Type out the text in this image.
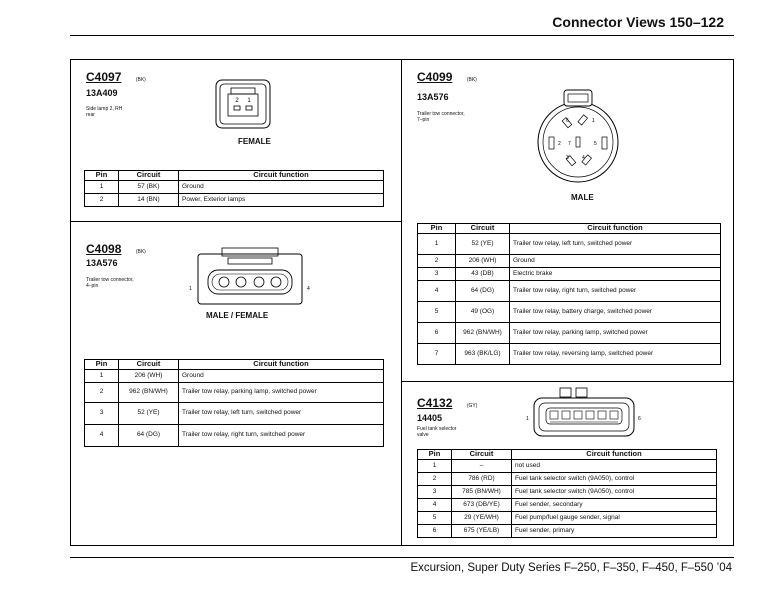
Connector Views 150–122
C4097	(BK)
13A409
Side lamp 2, RH rear
2 1
FEMALE
Pin	Circuit	Circuit function
1	57 (BK)	Ground
2	14 (BN)	Power, Exterior lamps
C4098	(BK)
13A576
Trailer tow connector, 4–pin	1	4
MALE / FEMALE
Pin	Circuit	Circuit function
1	206 (WH)	Ground
2	962 (BN/WH)	Trailer tow relay, parking lamp, switched power
3	52 (YE)	Trailer tow relay, left turn, switched power
4	64 (DG)	Trailer tow relay, right turn, switched power
C4099	(BK)
13A576
Trailer tow connector, 7–pin	1
2
3	4
5
6
7
MALE
Pin	Circuit	Circuit function
1	52 (YE)	Trailer tow relay, left turn, switched power
2	206 (WH)	Ground
3	43 (DB)	Electric brake
4	64 (DG)	Trailer tow relay, right turn, switched power
5	49 (OG)	Trailer tow relay, battery charge, switched power
6	962 (BN/WH)	Trailer tow relay, parking lamp, switched power
7	963 (BK/LG)	Trailer tow relay, reversing lamp, switched power
C4132	(GY)
14405
Fuel tank selector valve
1	6
Pin	Circuit	Circuit function
1	–	not used
2	786 (RD)	Fuel tank selector switch (9A050), control
3	785 (BN/WH)	Fuel tank selector switch (9A050), control
4	673 (DB/YE)	Fuel sender, secondary
5	29 (YE/WH)	Fuel pump/fuel gauge sender, signal
6	675 (YE/LB)	Fuel sender, primary
Excursion, Super Duty Series F–250, F–350, F–450, F–550 ’04
